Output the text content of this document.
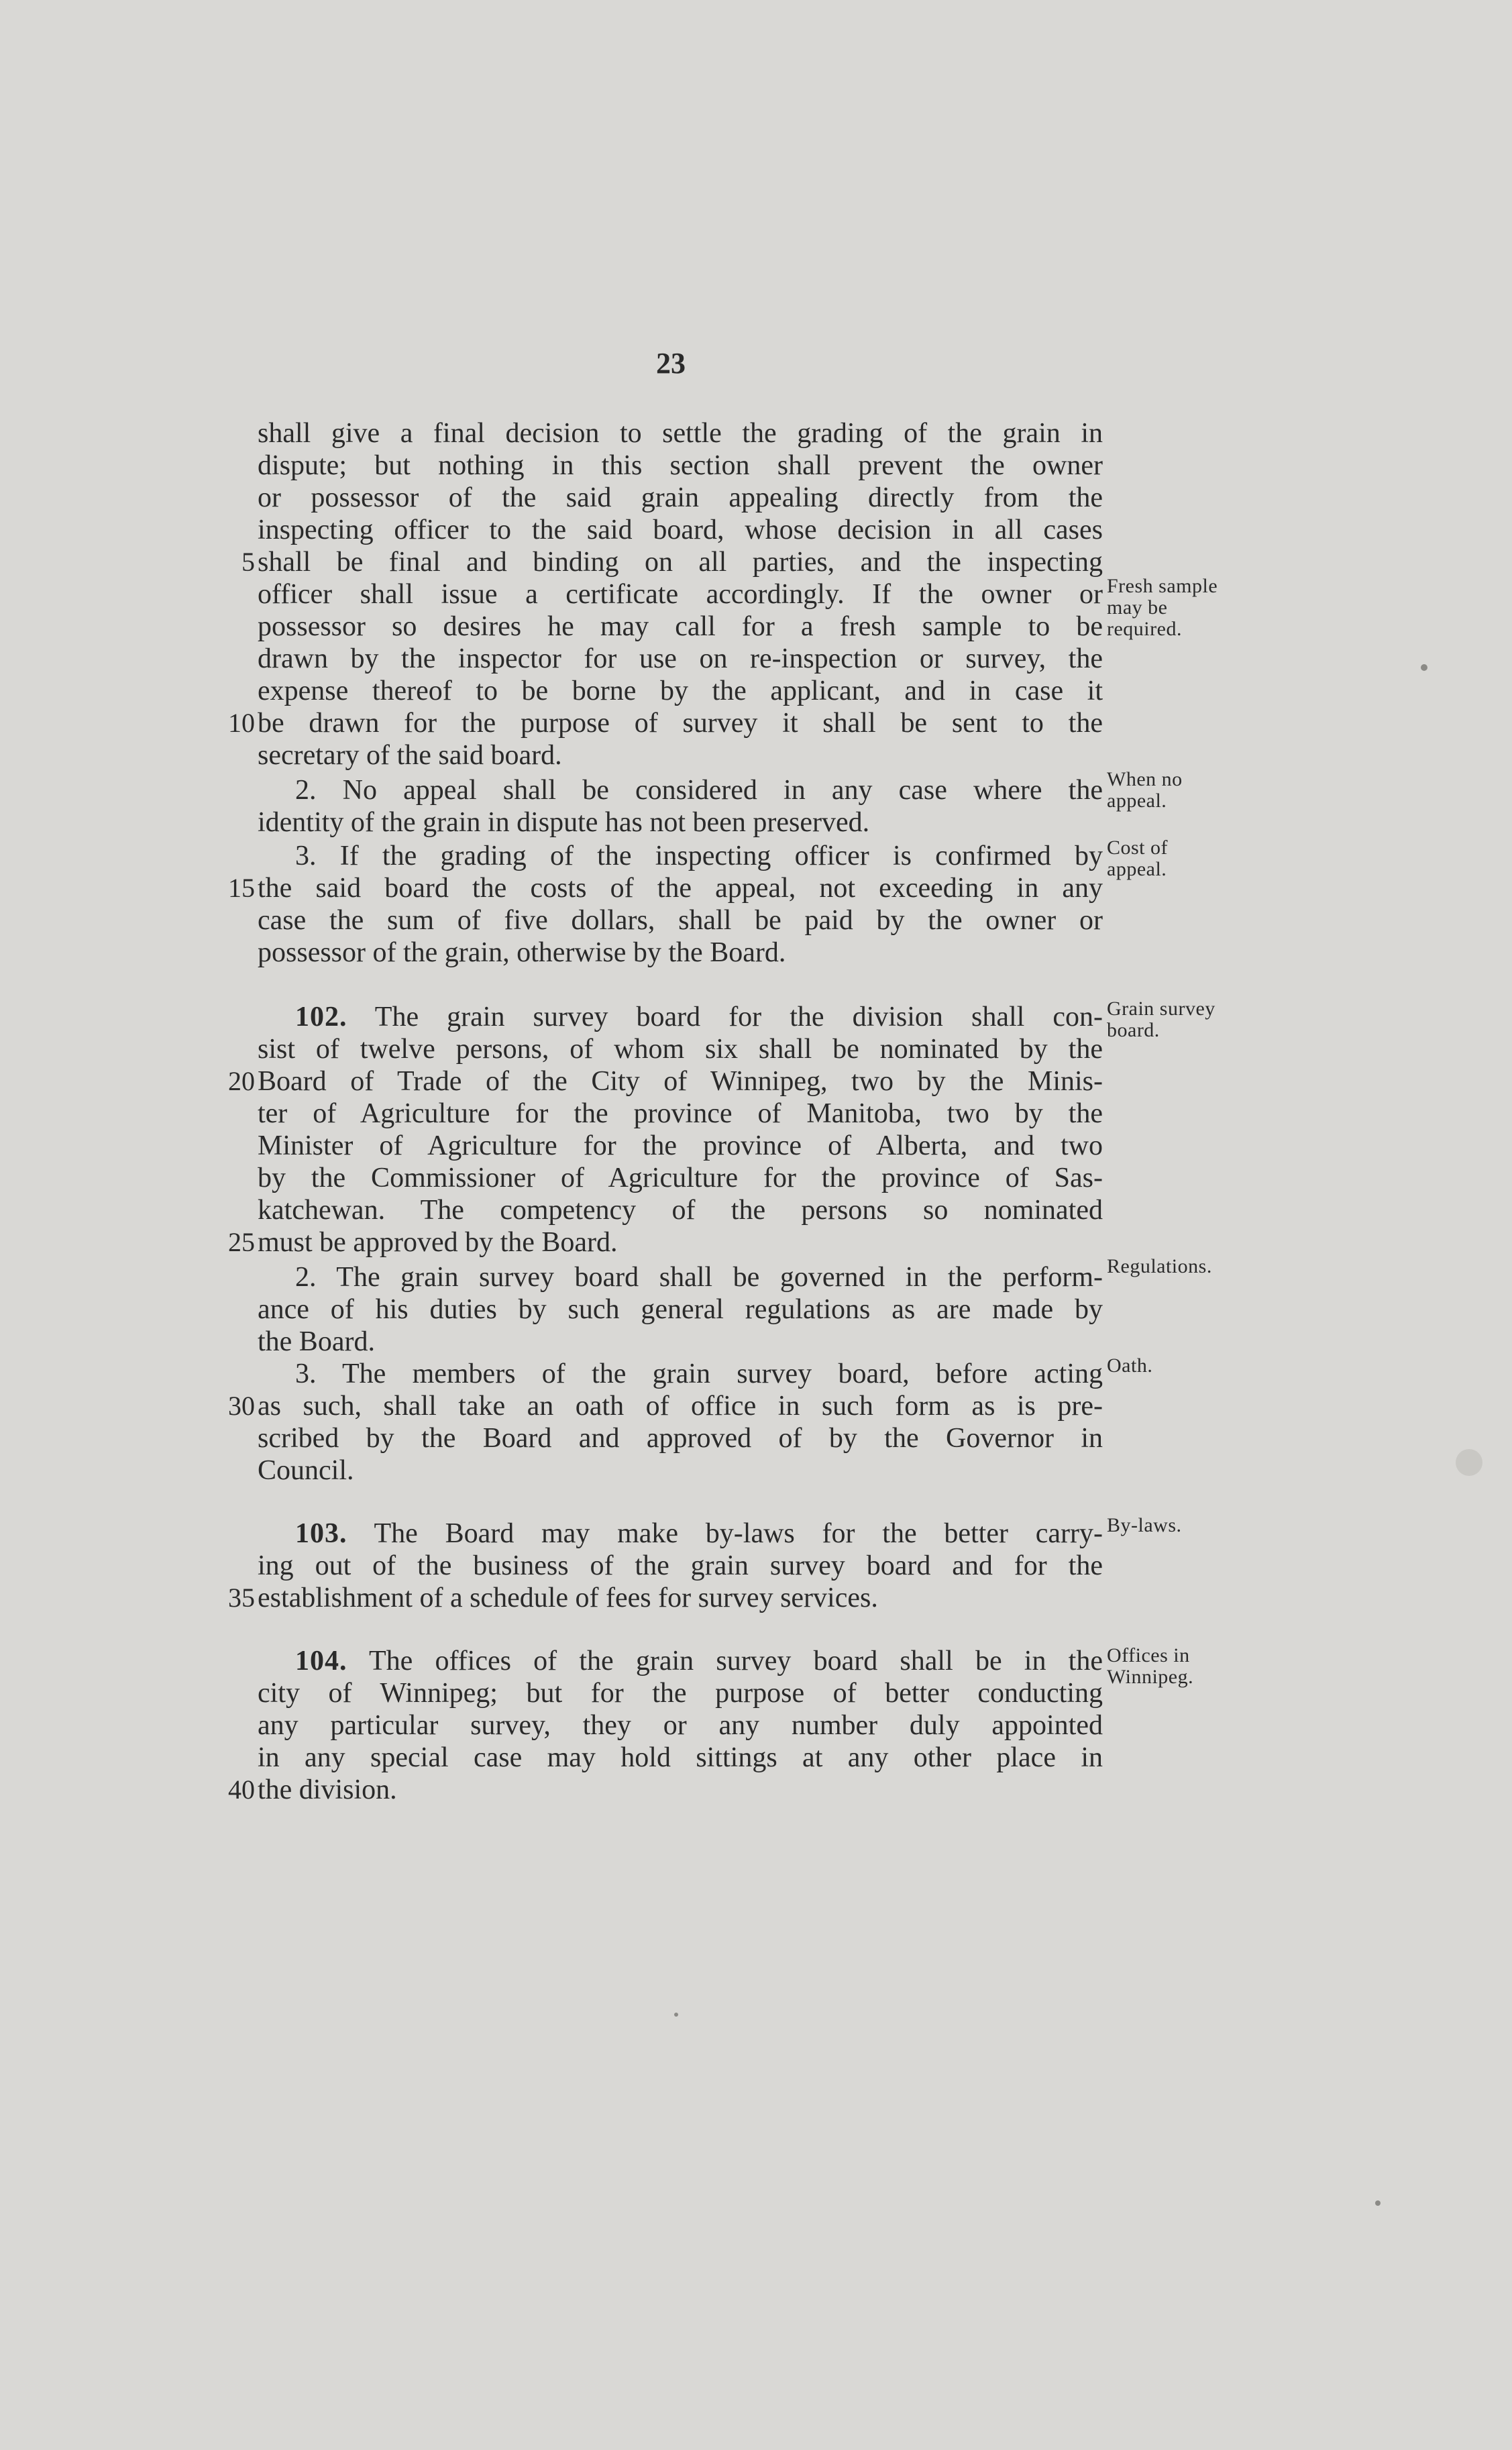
23
shall give a final decision to settle the grading of the grain in
dispute; but nothing in this section shall prevent the owner
or possessor of the said grain appealing directly from the
inspecting officer to the said board, whose decision in all cases
shall be final and binding on all parties, and the inspecting
5
officer shall issue a certificate accordingly. If the owner or
possessor so desires he may call for a fresh sample to be
drawn by the inspector for use on re-inspection or survey, the
expense thereof to be borne by the applicant, and in case it
be drawn for the purpose of survey it shall be sent to the
10
secretary of the said board.
2. No appeal shall be considered in any case where the
identity of the grain in dispute has not been preserved.
3. If the grading of the inspecting officer is confirmed by
the said board the costs of the appeal, not exceeding in any
15
case the sum of five dollars, shall be paid by the owner or
possessor of the grain, otherwise by the Board.
102. The grain survey board for the division shall con-
sist of twelve persons, of whom six shall be nominated by the
Board of Trade of the City of Winnipeg, two by the Minis-
20
ter of Agriculture for the province of Manitoba, two by the
Minister of Agriculture for the province of Alberta, and two
by the Commissioner of Agriculture for the province of Sas-
katchewan. The competency of the persons so nominated
must be approved by the Board.
25
2. The grain survey board shall be governed in the perform-
ance of his duties by such general regulations as are made by
the Board.
3. The members of the grain survey board, before acting
as such, shall take an oath of office in such form as is pre-
30
scribed by the Board and approved of by the Governor in
Council.
103. The Board may make by-laws for the better carry-
ing out of the business of the grain survey board and for the
establishment of a schedule of fees for survey services.
35
104. The offices of the grain survey board shall be in the
city of Winnipeg; but for the purpose of better conducting
any particular survey, they or any number duly appointed
in any special case may hold sittings at any other place in
the division.
40
Fresh sample
may be
required.
When no
appeal.
Cost of
appeal.
Grain survey
board.
Regulations.
Oath.
By-laws.
Offices in
Winnipeg.
